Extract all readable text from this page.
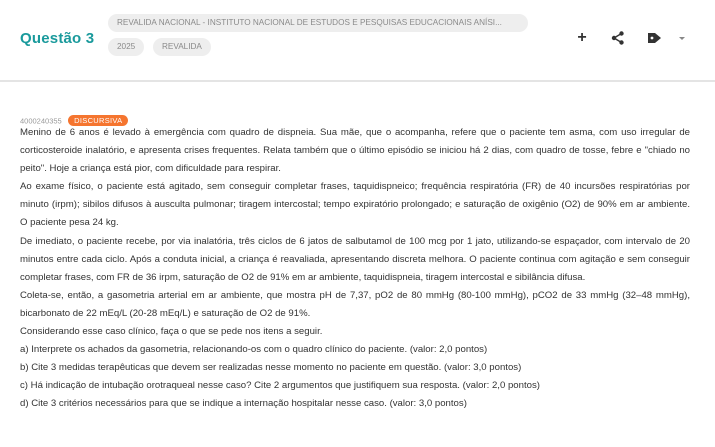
Questão 3
REVALIDA NACIONAL - INSTITUTO NACIONAL DE ESTUDOS E PESQUISAS EDUCACIONAIS ANÍSI...
2025	REVALIDA
+
4000240355 DISCURSIVA

Menino de 6 anos é levado à emergência com quadro de dispneia. Sua mãe, que o acompanha, refere que o paciente tem asma, com uso irregular de corticosteroide inalatório, e apresenta crises frequentes. Relata também que o último episódio se iniciou há 2 dias, com quadro de tosse, febre e "chiado no peito". Hoje a criança está pior, com dificuldade para respirar.

Ao exame físico, o paciente está agitado, sem conseguir completar frases, taquidispneico; frequência respiratória (FR) de 40 incursões respiratórias por minuto (irpm); sibilos difusos à ausculta pulmonar; tiragem intercostal; tempo expiratório prolongado; e saturação de oxigênio (O2) de 90% em ar ambiente. O paciente pesa 24 kg.

De imediato, o paciente recebe, por via inalatória, três ciclos de 6 jatos de salbutamol de 100 mcg por 1 jato, utilizando-se espaçador, com intervalo de 20 minutos entre cada ciclo. Após a conduta inicial, a criança é reavaliada, apresentando discreta melhora. O paciente continua com agitação e sem conseguir completar frases, com FR de 36 irpm, saturação de O2 de 91% em ar ambiente, taquidispneia, tiragem intercostal e sibilância difusa.

Coleta-se, então, a gasometria arterial em ar ambiente, que mostra pH de 7,37, pO2 de 80 mmHg (80-100 mmHg), pCO2 de 33 mmHg (32–48 mmHg), bicarbonato de 22 mEq/L (20-28 mEq/L) e saturação de O2 de 91%.

Considerando esse caso clínico, faça o que se pede nos itens a seguir.

a) Interprete os achados da gasometria, relacionando-os com o quadro clínico do paciente. (valor: 2,0 pontos)

b) Cite 3 medidas terapêuticas que devem ser realizadas nesse momento no paciente em questão. (valor: 3,0 pontos)

c) Há indicação de intubação orotraqueal nesse caso? Cite 2 argumentos que justifiquem sua resposta. (valor: 2,0 pontos)

d) Cite 3 critérios necessários para que se indique a internação hospitalar nesse caso. (valor: 3,0 pontos)
